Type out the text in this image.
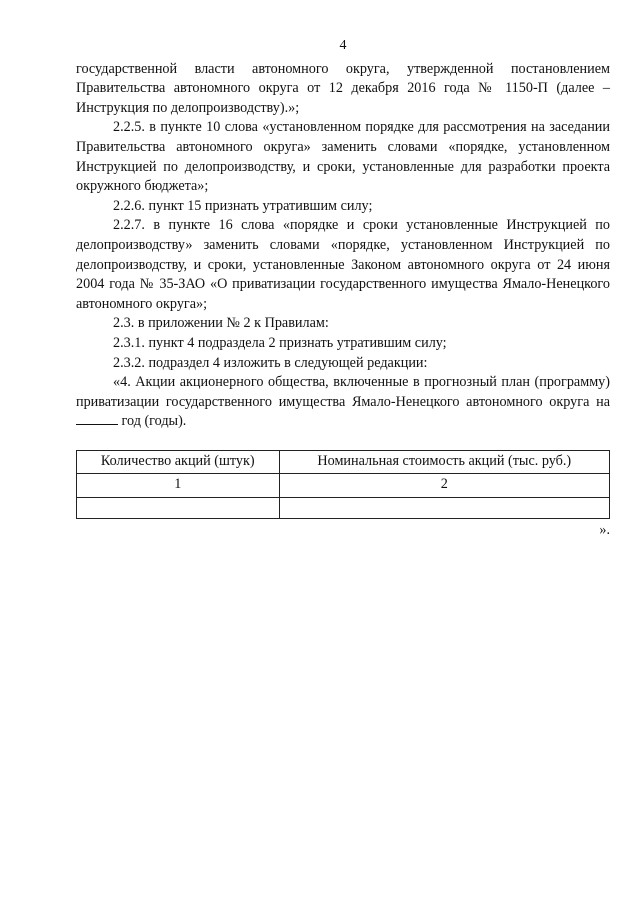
4

государственной власти автономного округа, утвержденной постановлением Правительства автономного округа от 12 декабря 2016 года № 1150-П (далее – Инструкция по делопроизводству).»;

2.2.5. в пункте 10 слова «установленном порядке для рассмотрения на заседании Правительства автономного округа» заменить словами «порядке, установленном Инструкцией по делопроизводству, и сроки, установленные для разработки проекта окружного бюджета»;

2.2.6. пункт 15 признать утратившим силу;

2.2.7. в пункте 16 слова «порядке и сроки установленные Инструкцией по делопроизводству» заменить словами «порядке, установленном Инструкцией по делопроизводству, и сроки, установленные Законом автономного округа от 24 июня 2004 года № 35-ЗАО «О приватизации государственного имущества Ямало-Ненецкого автономного округа»;

2.3. в приложении № 2 к Правилам:

2.3.1. пункт 4 подраздела 2 признать утратившим силу;

2.3.2. подраздел 4 изложить в следующей редакции:

«4. Акции акционерного общества, включенные в прогнозный план (программу) приватизации государственного имущества Ямало-Ненецкого автономного округа на  год (годы).

Количество акций (штук)	Номинальная стоимость акций (тыс. руб.)
1	2

».
